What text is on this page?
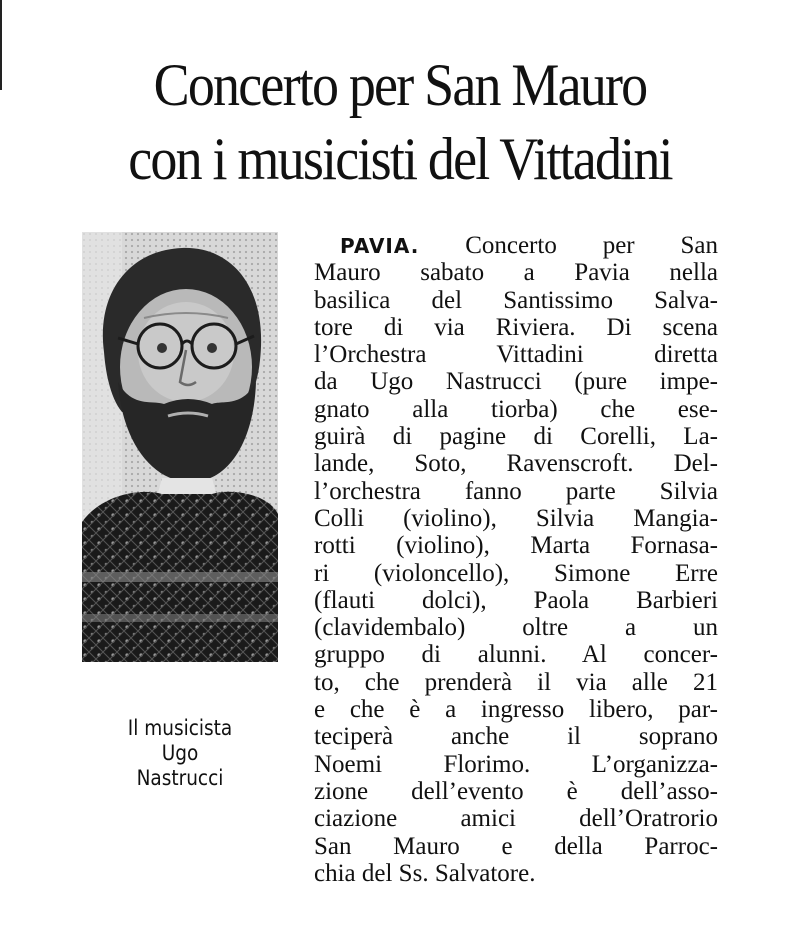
Concerto per San Mauro
con i musicisti del Vittadini

Il musicista
Ugo
Nastrucci

PAVIA. Concerto per San
Mauro sabato a Pavia nella
basilica del Santissimo Salva-
tore di via Riviera. Di scena
l’Orchestra Vittadini diretta
da Ugo Nastrucci (pure impe-
gnato alla tiorba) che ese-
guirà di pagine di Corelli, La-
lande, Soto, Ravenscroft. Del-
l’orchestra fanno parte Silvia
Colli (violino), Silvia Mangia-
rotti (violino), Marta Fornasa-
ri (violoncello), Simone Erre
(flauti dolci), Paola Barbieri
(clavidembalo) oltre a un
gruppo di alunni. Al concer-
to, che prenderà il via alle 21
e che è a ingresso libero, par-
teciperà anche il soprano
Noemi Florimo. L’organizza-
zione dell’evento è dell’asso-
ciazione amici dell’Oratrorio
San Mauro e della Parroc-
chia del Ss. Salvatore.
